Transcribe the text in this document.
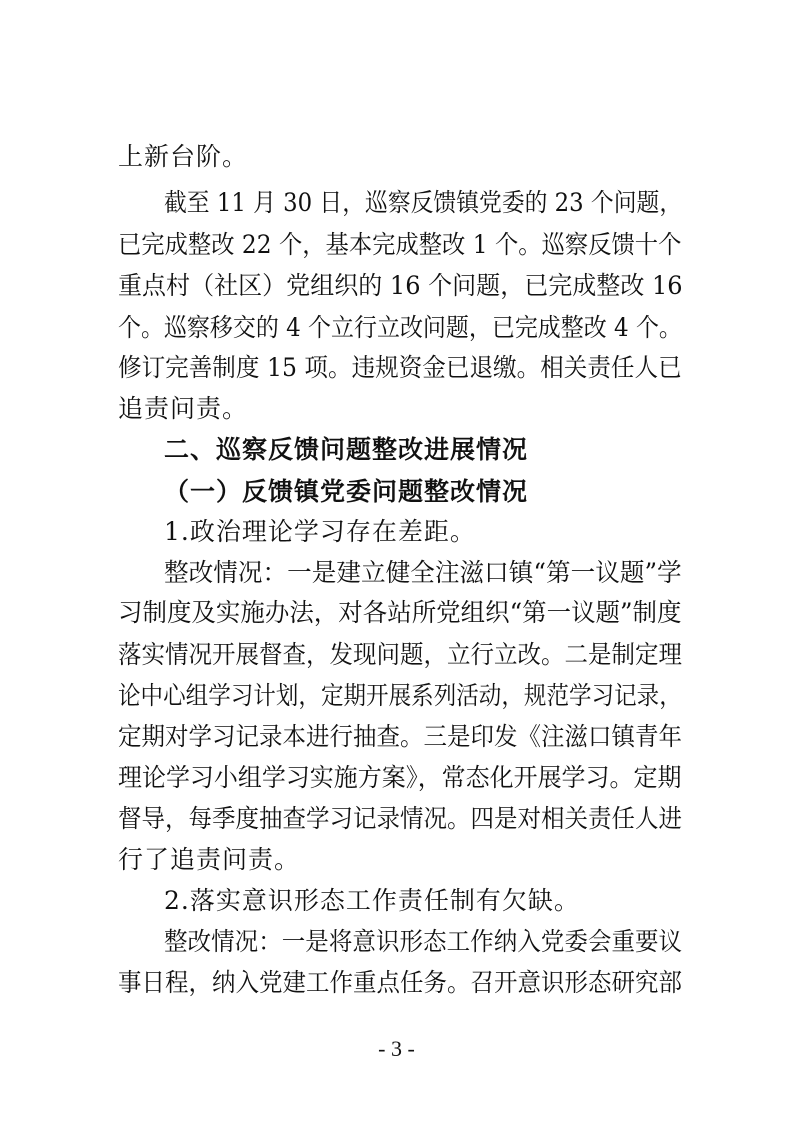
上新台阶。
截至 11 月 30 日，巡察反馈镇党委的 23 个问题，
已完成整改 22 个，基本完成整改 1 个。巡察反馈十个
重点村（社区）党组织的 16 个问题，已完成整改 16
个。巡察移交的 4 个立行立改问题，已完成整改 4 个。
修订完善制度 15 项。违规资金已退缴。相关责任人已
追责问责。
二、巡察反馈问题整改进展情况
（一）反馈镇党委问题整改情况
1.政治理论学习存在差距。
整改情况：一是建立健全注滋口镇“第一议题”学
习制度及实施办法，对各站所党组织“第一议题”制度
落实情况开展督查，发现问题，立行立改。二是制定理
论中心组学习计划，定期开展系列活动，规范学习记录，
定期对学习记录本进行抽查。三是印发《注滋口镇青年
理论学习小组学习实施方案》，常态化开展学习。定期
督导，每季度抽查学习记录情况。四是对相关责任人进
行了追责问责。
2.落实意识形态工作责任制有欠缺。
整改情况：一是将意识形态工作纳入党委会重要议
事日程，纳入党建工作重点任务。召开意识形态研究部
- 3 -
